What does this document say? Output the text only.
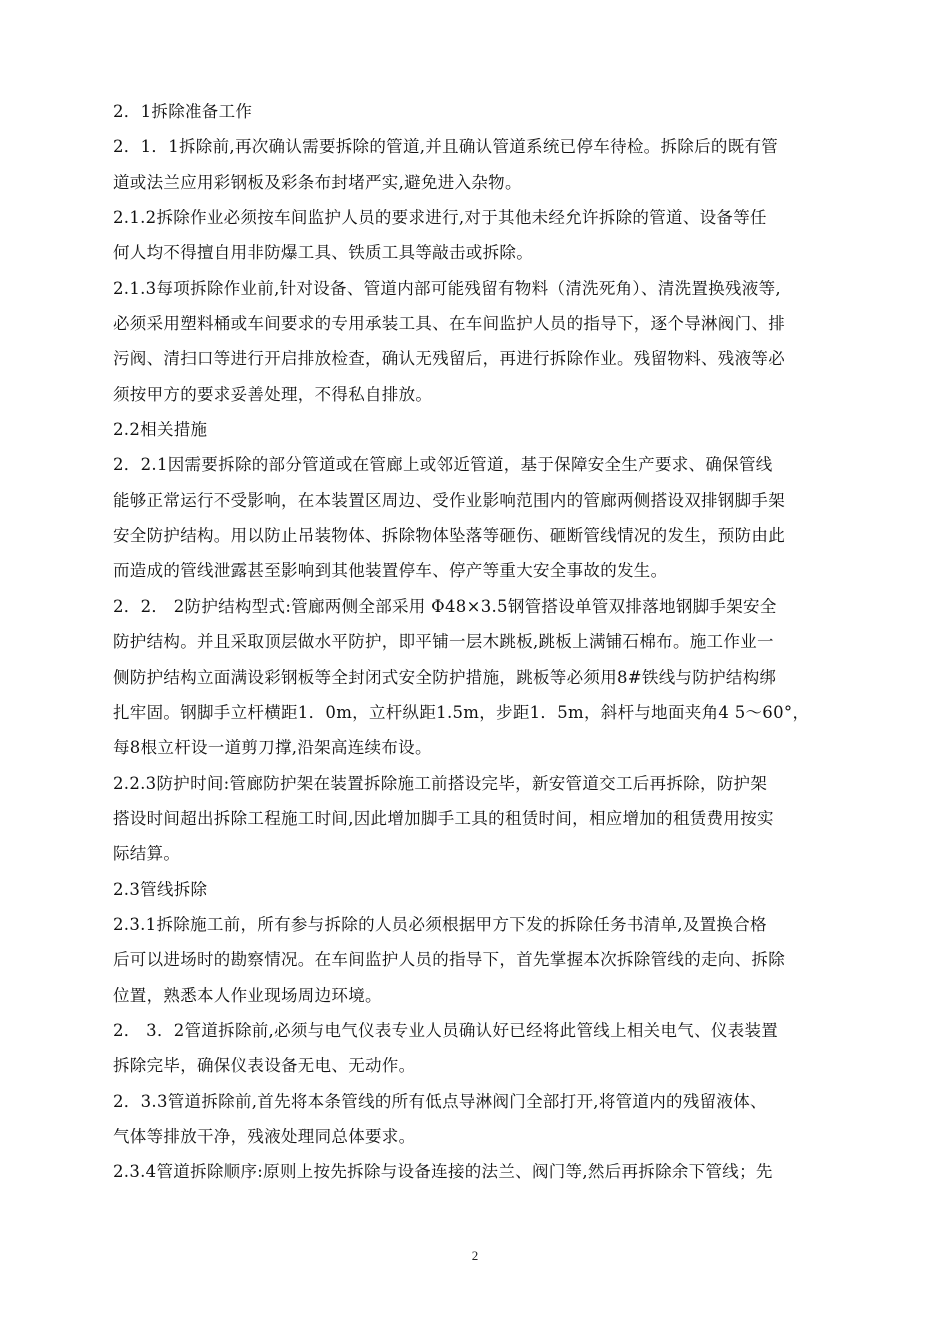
2．1拆除准备工作
2．1．1拆除前,再次确认需要拆除的管道,并且确认管道系统已停车待检。拆除后的既有管
道或法兰应用彩钢板及彩条布封堵严实,避免进入杂物。
2.1.2拆除作业必须按车间监护人员的要求进行,对于其他未经允许拆除的管道、设备等任
何人均不得擅自用非防爆工具、铁质工具等敲击或拆除。
2.1.3每项拆除作业前,针对设备、管道内部可能残留有物料（清洗死角）、清洗置换残液等,
必须采用塑料桶或车间要求的专用承装工具、在车间监护人员的指导下，逐个导淋阀门、排
污阀、清扫口等进行开启排放检查，确认无残留后，再进行拆除作业。残留物料、残液等必
须按甲方的要求妥善处理，不得私自排放。
2.2相关措施
2．2.1因需要拆除的部分管道或在管廊上或邻近管道，基于保障安全生产要求、确保管线
能够正常运行不受影响，在本装置区周边、受作业影响范围内的管廊两侧搭设双排钢脚手架
安全防护结构。用以防止吊装物体、拆除物体坠落等砸伤、砸断管线情况的发生，预防由此
而造成的管线泄露甚至影响到其他装置停车、停产等重大安全事故的发生。
2．2． 2防护结构型式:管廊两侧全部采用 Φ48×3.5钢管搭设单管双排落地钢脚手架安全
防护结构。并且采取顶层做水平防护，即平铺一层木跳板,跳板上满铺石棉布。施工作业一
侧防护结构立面满设彩钢板等全封闭式安全防护措施，跳板等必须用8#铁线与防护结构绑
扎牢固。钢脚手立杆横距1．0m，立杆纵距1.5m，步距1．5m，斜杆与地面夹角4 5～60°，
每8根立杆设一道剪刀撑,沿架高连续布设。
2.2.3防护时间:管廊防护架在装置拆除施工前搭设完毕，新安管道交工后再拆除，防护架
搭设时间超出拆除工程施工时间,因此增加脚手工具的租赁时间，相应增加的租赁费用按实
际结算。
2.3管线拆除
2.3.1拆除施工前，所有参与拆除的人员必须根据甲方下发的拆除任务书清单,及置换合格
后可以进场时的勘察情况。在车间监护人员的指导下，首先掌握本次拆除管线的走向、拆除
位置，熟悉本人作业现场周边环境。
2． 3．2管道拆除前,必须与电气仪表专业人员确认好已经将此管线上相关电气、仪表装置
拆除完毕，确保仪表设备无电、无动作。
2．3.3管道拆除前,首先将本条管线的所有低点导淋阀门全部打开,将管道内的残留液体、
气体等排放干净，残液处理同总体要求。
2.3.4管道拆除顺序:原则上按先拆除与设备连接的法兰、阀门等,然后再拆除余下管线；先
2
